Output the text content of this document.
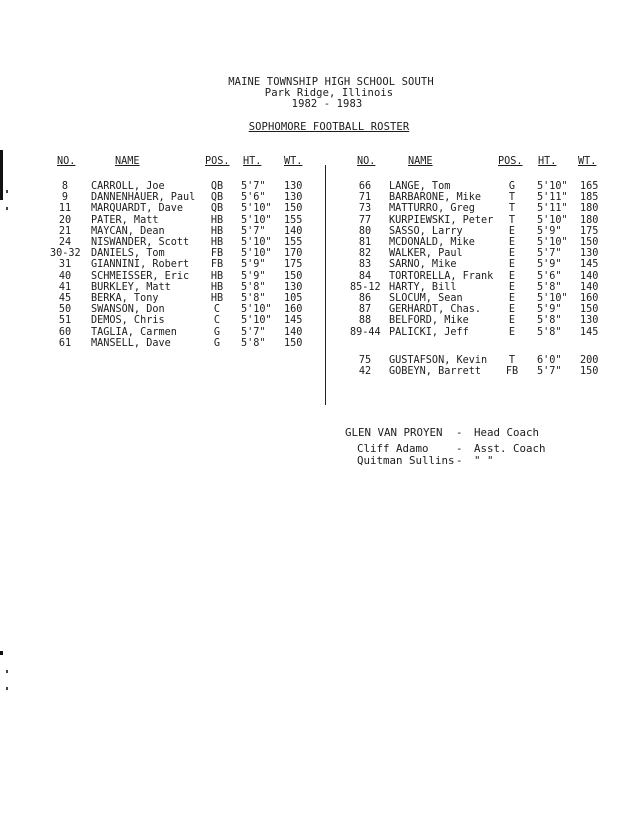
MAINE TOWNSHIP HIGH SCHOOL SOUTH
Park Ridge, Illinois
1982 - 1983
SOPHOMORE FOOTBALL ROSTER
NO.	NAME	POS. HT. WT.	NO.	NAME	POS. HT. WT.
8	CARROLL, Joe	QB	5'7" 130
9	DANNENHAUER, Paul	QB	5'6" 130
11	MARQUARDT, Dave	QB	5'10" 150
20	PATER, Matt	HB	5'10" 155
21	MAYCAN, Dean	HB	5'7" 140
24	NISWANDER, Scott	HB	5'10" 155
30-32 DANIELS, Tom	FB	5'10" 170
31	GIANNINI, Robert	FB	5'9" 175
40	SCHMEISSER, Eric	HB	5'9" 150
41	BURKLEY, Matt	HB	5'8" 130
45	BERKA, Tony	HB	5'8" 105
50	SWANSON, Don	C	5'10" 160
51	DEMOS, Chris	C	5'10" 145
60	TAGLIA, Carmen	G	5'7" 140
61	MANSELL, Dave	G	5'8" 150
66	LANGE, Tom	G	5'10" 165
71	BARBARONE, Mike	T	5'11" 185
73	MATTURRO, Greg	T	5'11" 180
77	KURPIEWSKI, Peter	T	5'10" 180
80	SASSO, Larry	E	5'9" 175
81	MCDONALD, Mike	E	5'10" 150
82	WALKER, Paul	E	5'7" 130
83	SARNO, Mike	E	5'9" 145
84	TORTORELLA, Frank	E	5'6" 140
85-12 HARTY, Bill	E	5'8" 140
86	SLOCUM, Sean	E	5'10" 160
87	GERHARDT, Chas.	E	5'9" 150
88	BELFORD, Mike	E	5'8" 130
89-44 PALICKI, Jeff	E	5'8" 145
75	GUSTAFSON, Kevin	T	6'0" 200
42	GOBEYN, Barrett	FB	5'7" 150
GLEN VAN PROYEN - Head Coach
Cliff Adamo	- Asst. Coach
Quitman Sullins - " "
